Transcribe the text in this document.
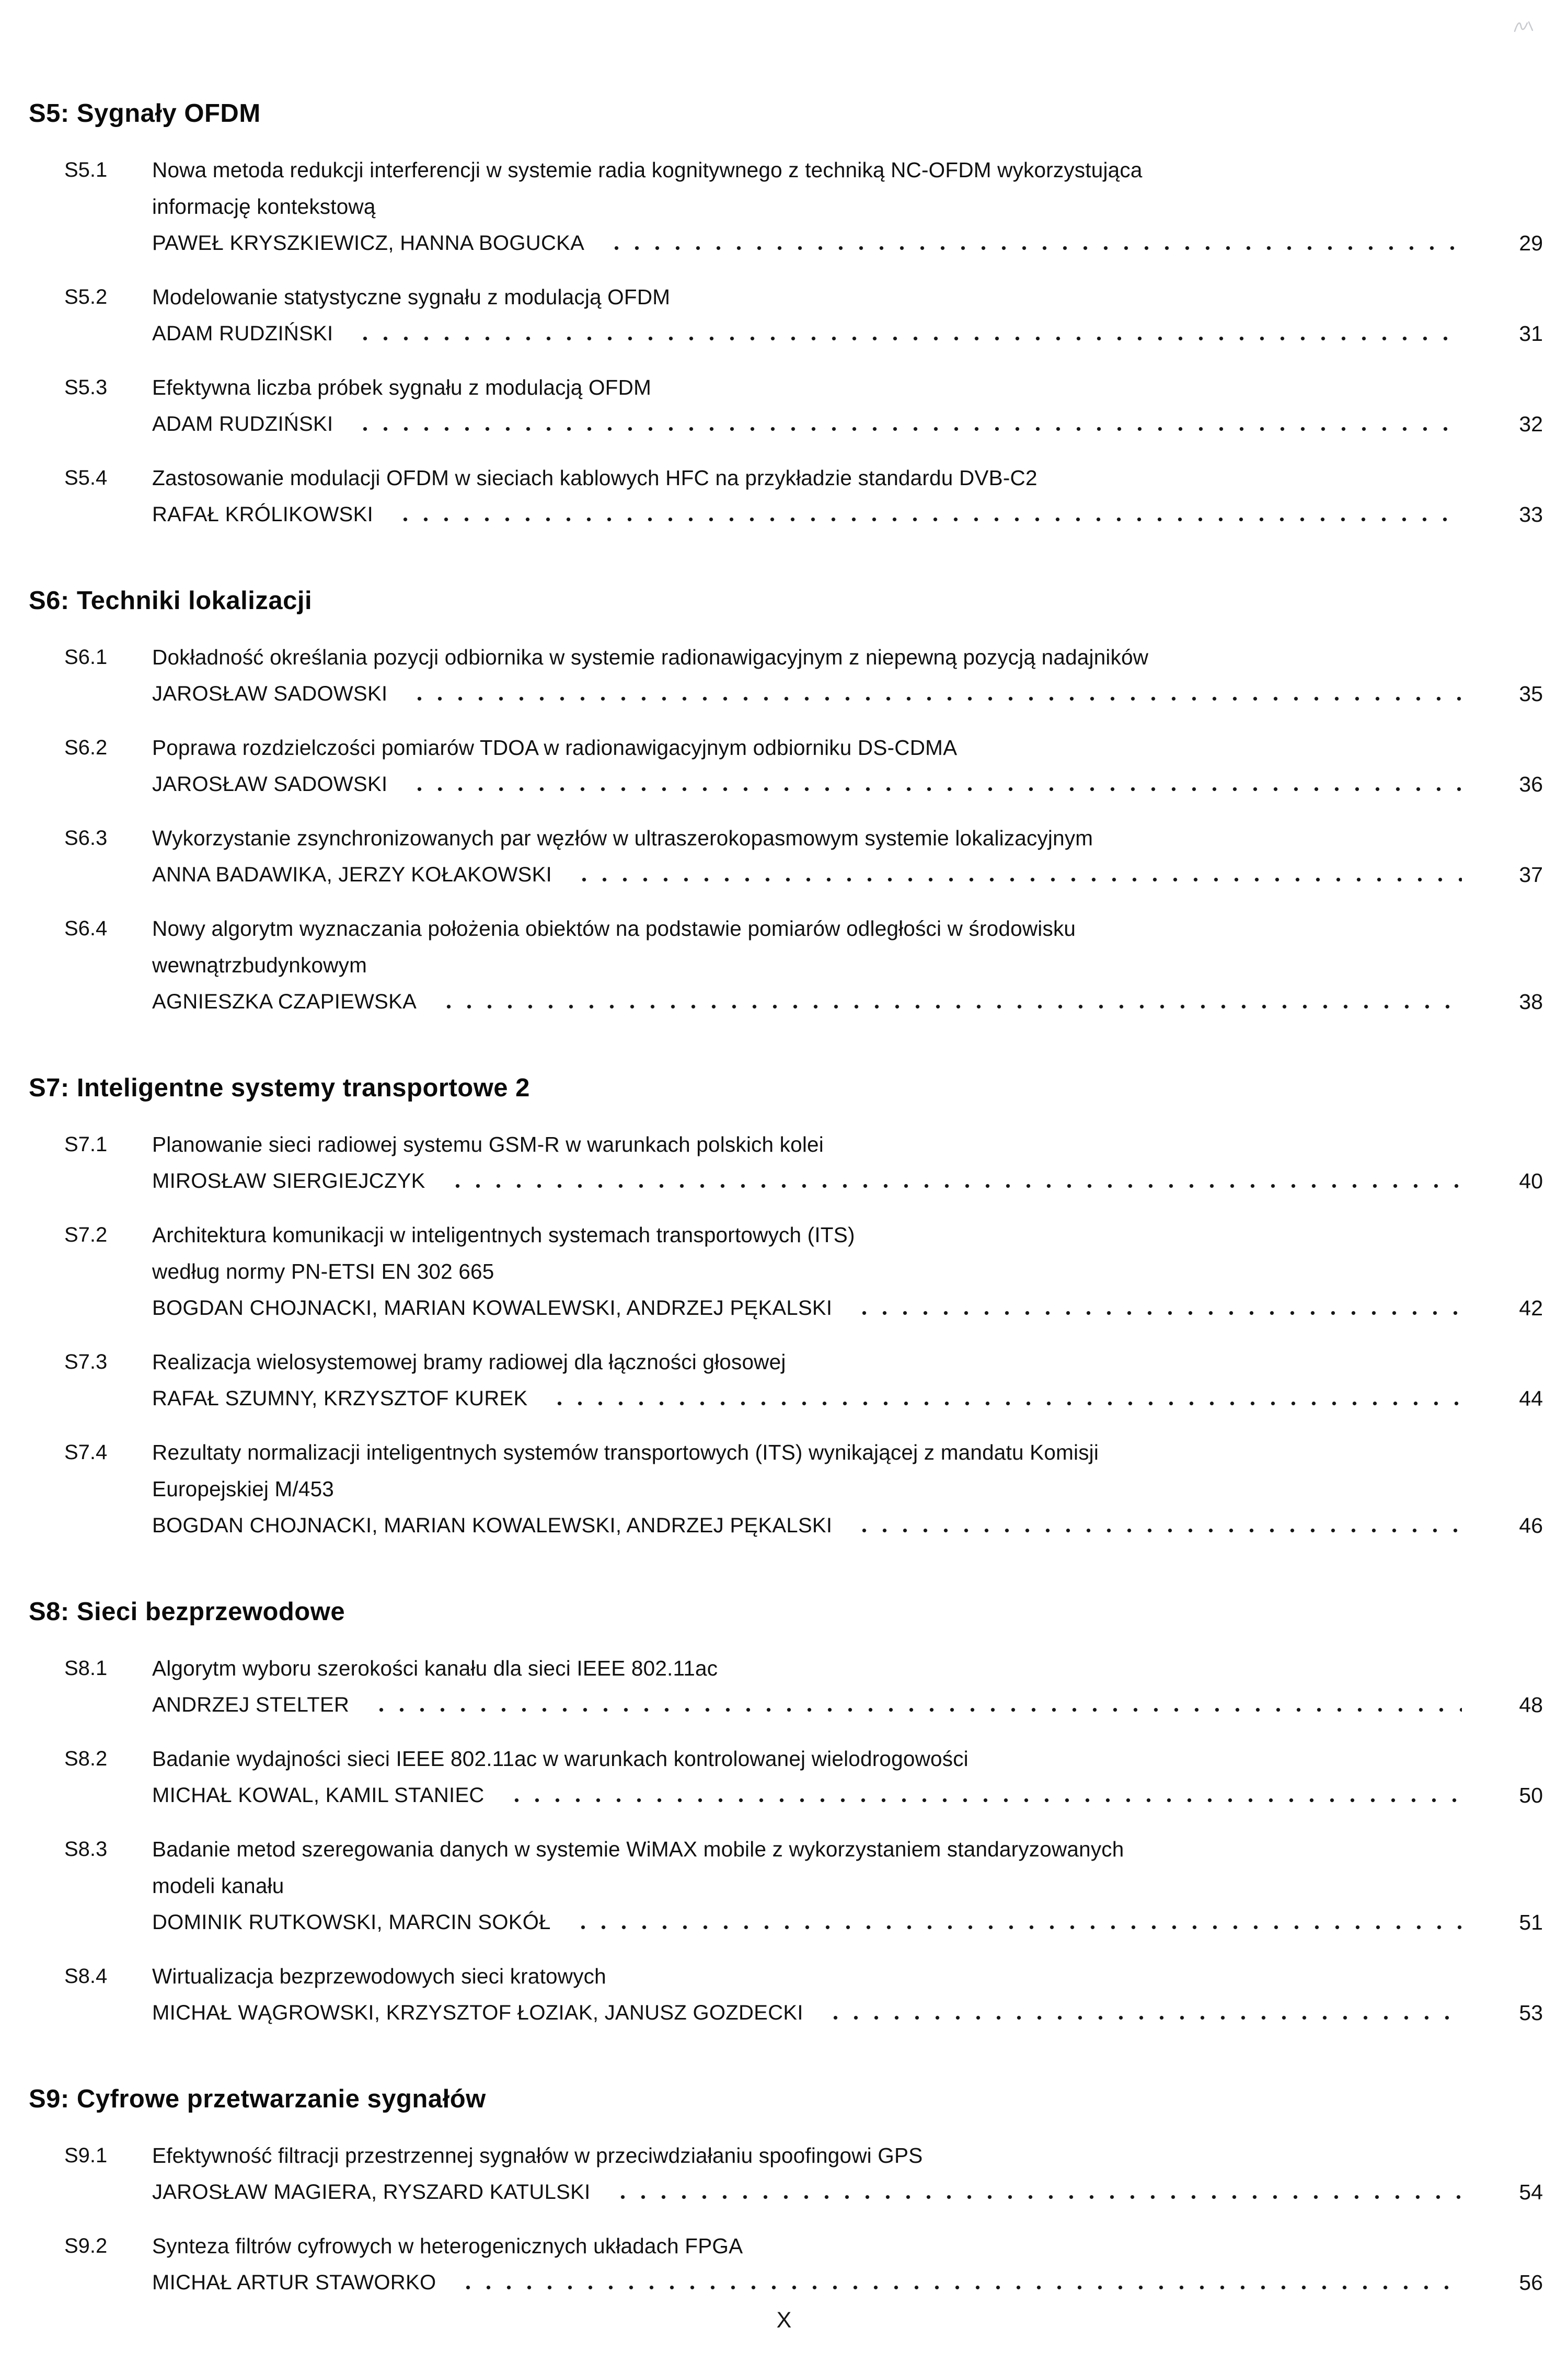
S5: Sygnały OFDM
S5.1	Nowa metoda redukcji interferencji w systemie radia kognitywnego z techniką NC-OFDM wykorzystująca
informację kontekstową
PAWEŁ KRYSZKIEWICZ, HANNA BOGUCKA	29
S5.2	Modelowanie statystyczne sygnału z modulacją OFDM
ADAM RUDZIŃSKI	31
S5.3	Efektywna liczba próbek sygnału z modulacją OFDM
ADAM RUDZIŃSKI	32
S5.4	Zastosowanie modulacji OFDM w sieciach kablowych HFC na przykładzie standardu DVB-C2
RAFAŁ KRÓLIKOWSKI	33
S6: Techniki lokalizacji
S6.1	Dokładność określania pozycji odbiornika w systemie radionawigacyjnym z niepewną pozycją nadajników
JAROSŁAW SADOWSKI	35
S6.2	Poprawa rozdzielczości pomiarów TDOA w radionawigacyjnym odbiorniku DS-CDMA
JAROSŁAW SADOWSKI	36
S6.3	Wykorzystanie zsynchronizowanych par węzłów w ultraszerokopasmowym systemie lokalizacyjnym
ANNA BADAWIKA, JERZY KOŁAKOWSKI	37
S6.4	Nowy algorytm wyznaczania położenia obiektów na podstawie pomiarów odległości w środowisku
wewnątrzbudynkowym
AGNIESZKA CZAPIEWSKA	38
S7: Inteligentne systemy transportowe 2
S7.1	Planowanie sieci radiowej systemu GSM-R w warunkach polskich kolei
MIROSŁAW SIERGIEJCZYK	40
S7.2	Architektura komunikacji w inteligentnych systemach transportowych (ITS)
według normy PN-ETSI EN 302 665
BOGDAN CHOJNACKI, MARIAN KOWALEWSKI, ANDRZEJ PĘKALSKI	42
S7.3	Realizacja wielosystemowej bramy radiowej dla łączności głosowej
RAFAŁ SZUMNY, KRZYSZTOF KUREK	44
S7.4	Rezultaty normalizacji inteligentnych systemów transportowych (ITS) wynikającej z mandatu Komisji
Europejskiej M/453
BOGDAN CHOJNACKI, MARIAN KOWALEWSKI, ANDRZEJ PĘKALSKI	46
S8: Sieci bezprzewodowe
S8.1	Algorytm wyboru szerokości kanału dla sieci IEEE 802.11ac
ANDRZEJ STELTER	48
S8.2	Badanie wydajności sieci IEEE 802.11ac w warunkach kontrolowanej wielodrogowości
MICHAŁ KOWAL, KAMIL STANIEC	50
S8.3	Badanie metod szeregowania danych w systemie WiMAX mobile z wykorzystaniem standaryzowanych
modeli kanału
DOMINIK RUTKOWSKI, MARCIN SOKÓŁ	51
S8.4	Wirtualizacja bezprzewodowych sieci kratowych
MICHAŁ WĄGROWSKI, KRZYSZTOF ŁOZIAK, JANUSZ GOZDECKI	53
S9: Cyfrowe przetwarzanie sygnałów
S9.1	Efektywność filtracji przestrzennej sygnałów w przeciwdziałaniu spoofingowi GPS
JAROSŁAW MAGIERA, RYSZARD KATULSKI	54
S9.2	Synteza filtrów cyfrowych w heterogenicznych układach FPGA
MICHAŁ ARTUR STAWORKO	56
X
